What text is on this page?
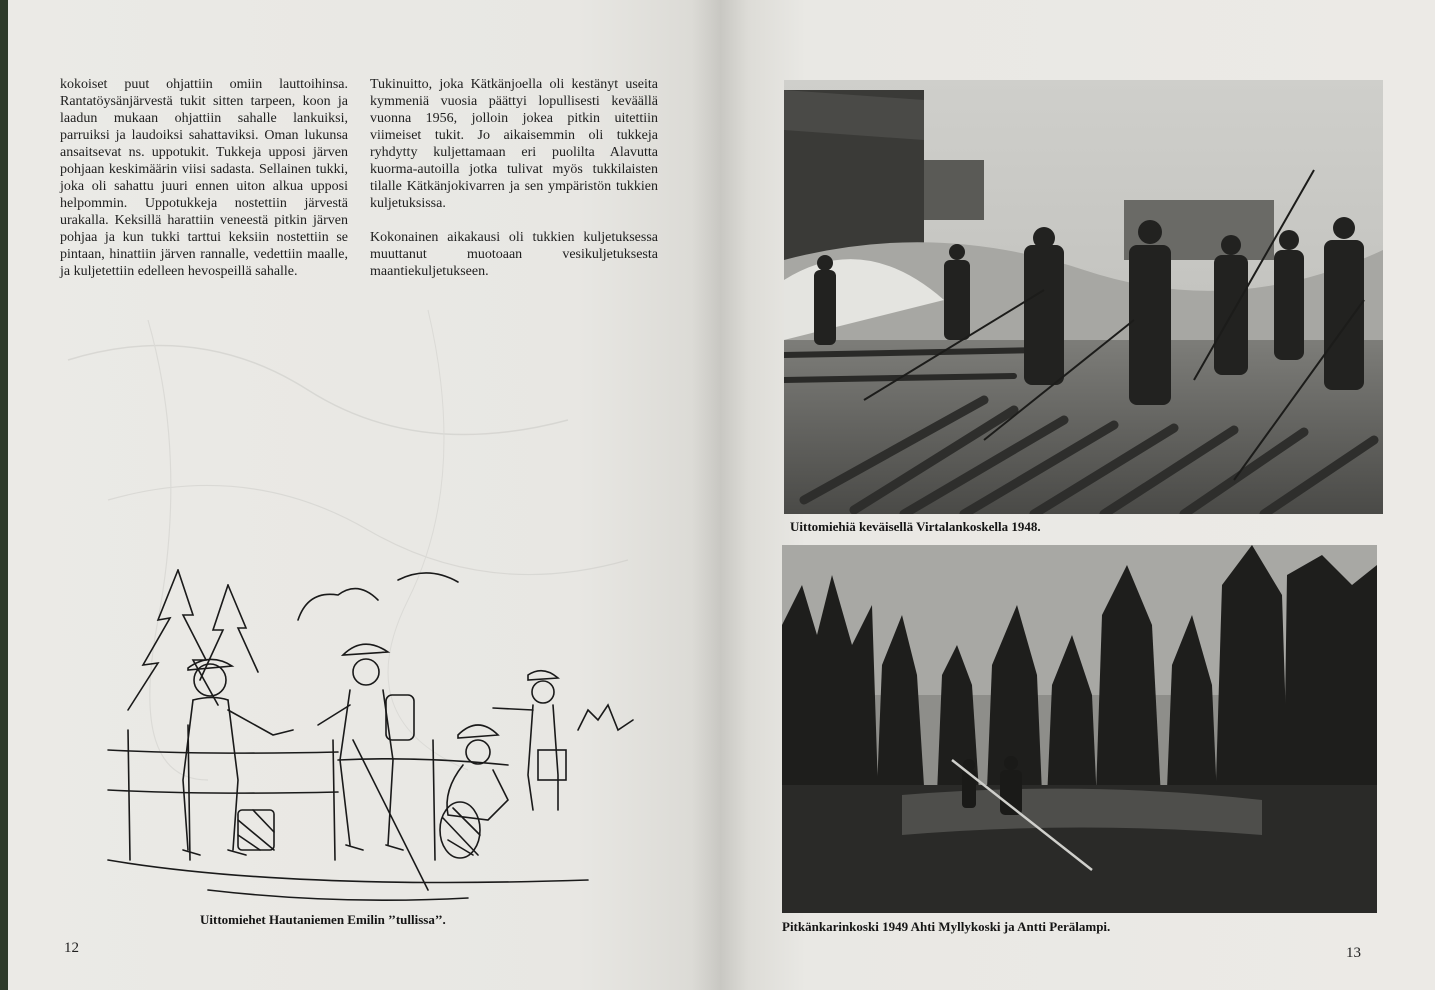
kokoiset puut ohjattiin omiin lauttoihinsa. Rantatöysänjärvestä tukit sitten tarpeen, koon ja laadun mukaan ohjattiin sahalle lankuiksi, parruiksi ja laudoiksi sahattaviksi. Oman lukunsa ansaitsevat ns. uppotukit. Tukkeja upposi järven pohjaan keskimäärin viisi sadasta. Sellainen tukki, joka oli sahattu juuri ennen uiton alkua upposi helpommin. Uppotukkeja nostettiin järvestä urakalla. Keksillä harattiin veneestä pitkin järven pohjaa ja kun tukki tarttui keksiin nostettiin se pintaan, hinattiin järven rannalle, vedettiin maalle, ja kuljetettiin edelleen hevospeillä sahalle.

Tukinuitto, joka Kätkänjoella oli kestänyt useita kymmeniä vuosia päättyi lopullisesti keväällä vuonna 1956, jolloin jokea pitkin uitettiin viimeiset tukit. Jo aikaisemmin oli tukkeja ryhdytty kuljettamaan eri puolilta Alavutta kuorma-autoilla jotka tulivat myös tukkilaisten tilalle Kätkänjokivarren ja sen ympäristön tukkien kuljetuksissa.

Kokonainen aikakausi oli tukkien kuljetuksessa muuttanut muotoaan vesikuljetuksesta maantiekuljetukseen.

Uittomiehet Hautaniemen Emilin ’’tullissa’’.
12
Uittomiehiä keväisellä Virtalankoskella 1948.
Pitkänkarinkoski 1949 Ahti Myllykoski ja Antti Perälampi.
13
